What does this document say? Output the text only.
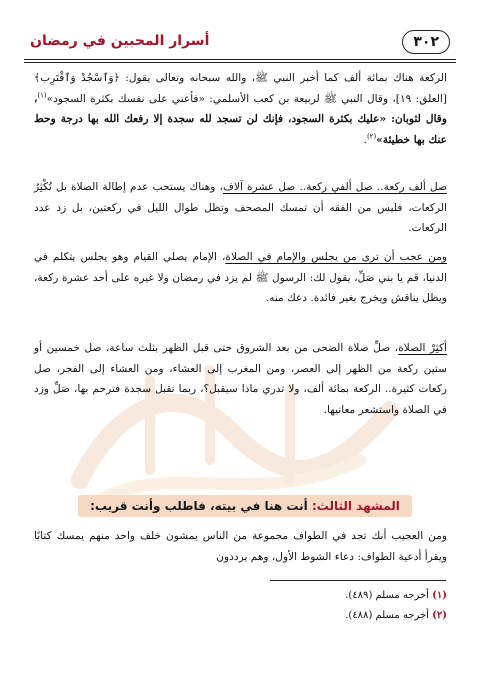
٣٠٢
أسرار المحبين في رمضان

الركعة هناك بمائة ألف كما أخبر النبي ﷺ، والله سبحانه وتعالى يقول: ﴿وَٱسْجُدْ وَٱقْتَرِب﴾ [العلق: ١٩]، وقال النبي ﷺ لربيعة بن كعب الأسلمي: «فأعني على نفسك بكثرة السجود»$^{(١)}$، وقال لثوبان: «عليك بكثرة السجود، فإنك لن تسجد لله سجدة إلا رفعك الله بها درجة وحط عنك بها خطيئة»$^{(٢)}$.

صل ألف ركعة.. صل ألفي ركعة.. صل عشرة آلاف، وهناك يستحب عدم إطالة الصلاة بل تُكْثِرُ الركعات، فليس من الفقه أن تمسك المصحف وتظل طوال الليل في ركعتين، بل زد عدد الركعات.

ومن عجب أن ترى من يجلس والإمام في الصلاة، الإمام يصلي القيام وهو يجلس يتكلم في الدنيا، قم يا بني صَلِّ، يقول لك: الرسول ﷺ لم يزد في رمضان ولا غيره على أحد عشرة ركعة، ويظل يناقش ويخرج بغير فائدة. دعك منه.

أكثِرْ الصلاة، صلِّ صلاة الضحى من بعد الشروق حتى قبل الظهر بثلث ساعة، صل خمسين أو ستين ركعة من الظهر إلى العصر، ومن المغرب إلى العشاء، ومن العشاء إلى الفجر، صل ركعات كثيرة.. الركعة بمائة ألف، ولا تدري ماذا سيقبل؟، ربما تقبل سجدة فترحم بها، صَلِّ وزد في الصلاة واستشعر معانيها.

المشهد الثالث: أنت هنا في بيته، فاطلب وأنت قريب:

ومن العجيب أنك تجد في الطواف مجموعة من الناس يمشون خلف واحد منهم يمسك كتابًا ويقرأ أدعية الطواف: دعاء الشوط الأول، وهم يرددون

(١) أخرجه مسلم (٤٨٩).
(٢) أخرجه مسلم (٤٨٨).
